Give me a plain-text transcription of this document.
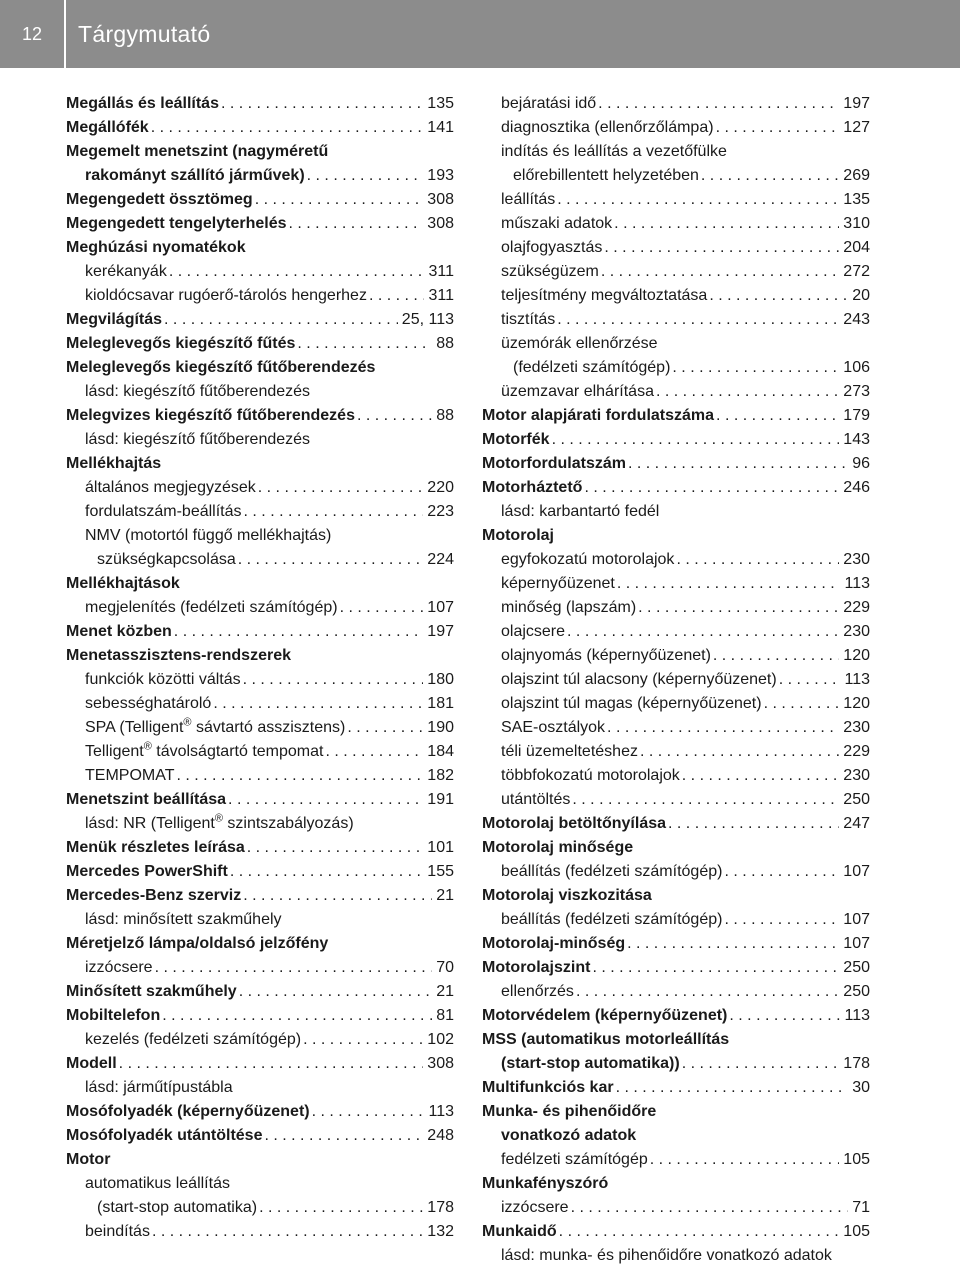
12	Tárgymutató
Megállás és leállítás . . .	135
Megállófék . . .	141
Megemelt menetszint (nagyméretű
rakományt szállító járművek) . . .	193
Megengedett össztömeg . . .	308
Megengedett tengelyterhelés . . .	308
Meghúzási nyomatékok
kerékanyák . . .	311
kioldócsavar rugóerő-tárolós hengerhez . . .	311
Megvilágítás . . .	25, 113
Meleglevegős kiegészítő fűtés . . .	88
Meleglevegős kiegészítő fűtőberendezés
lásd: kiegészítő fűtőberendezés
Melegvizes kiegészítő fűtőberendezés . . .	88
lásd: kiegészítő fűtőberendezés
Mellékhajtás
általános megjegyzések . . .	220
fordulatszám-beállítás . . .	223
NMV (motortól függő mellékhajtás)
szükségkapcsolása . . .	224
Mellékhajtások
megjelenítés (fedélzeti számítógép) . . .	107
Menet közben . . .	197
Menetasszisztens-rendszerek
funkciók közötti váltás . . .	180
sebességhatároló . . .	181
SPA (Telligent® sávtartó asszisztens) . . .	190
Telligent® távolságtartó tempomat . . .	184
TEMPOMAT . . .	182
Menetszint beállítása . . .	191
lásd: NR (Telligent® szintszabályozás)
Menük részletes leírása . . .	101
Mercedes PowerShift . . .	155
Mercedes-Benz szerviz . . .	21
lásd: minősített szakműhely
Méretjelző lámpa/oldalsó jelzőfény
izzócsere . . .	70
Minősített szakműhely . . .	21
Mobiltelefon . . .	81
kezelés (fedélzeti számítógép) . . .	102
Modell . . .	308
lásd: járműtípustábla
Mosófolyadék (képernyőüzenet) . . .	113
Mosófolyadék utántöltése . . .	248
Motor
automatikus leállítás
(start-stop automatika) . . .	178
beindítás . . .	132
bejáratási idő . . .	197
diagnosztika (ellenőrzőlámpa) . . .	127
indítás és leállítás a vezetőfülke
előrebillentett helyzetében . . .	269
leállítás . . .	135
műszaki adatok . . .	310
olajfogyasztás . . .	204
szükségüzem . . .	272
teljesítmény megváltoztatása . . .	20
tisztítás . . .	243
üzemórák ellenőrzése
(fedélzeti számítógép) . . .	106
üzemzavar elhárítása . . .	273
Motor alapjárati fordulatszáma . . .	179
Motorfék . . .	143
Motorfordulatszám . . .	96
Motorháztető . . .	246
lásd: karbantartó fedél
Motorolaj
egyfokozatú motorolajok . . .	230
képernyőüzenet . . .	113
minőség (lapszám) . . .	229
olajcsere . . .	230
olajnyomás (képernyőüzenet) . . .	120
olajszint túl alacsony (képernyőüzenet) . . .	113
olajszint túl magas (képernyőüzenet) . . .	120
SAE-osztályok . . .	230
téli üzemeltetéshez . . .	229
többfokozatú motorolajok . . .	230
utántöltés . . .	250
Motorolaj betöltőnyílása . . .	247
Motorolaj minősége
beállítás (fedélzeti számítógép) . . .	107
Motorolaj viszkozitása
beállítás (fedélzeti számítógép) . . .	107
Motorolaj-minőség . . .	107
Motorolajszint . . .	250
ellenőrzés . . .	250
Motorvédelem (képernyőüzenet) . . .	113
MSS (automatikus motorleállítás
(start-stop automatika)) . . .	178
Multifunkciós kar . . .	30
Munka- és pihenőidőre
vonatkozó adatok
fedélzeti számítógép . . .	105
Munkafényszóró
izzócsere . . .	71
Munkaidő . . .	105
lásd: munka- és pihenőidőre vonatkozó adatok
